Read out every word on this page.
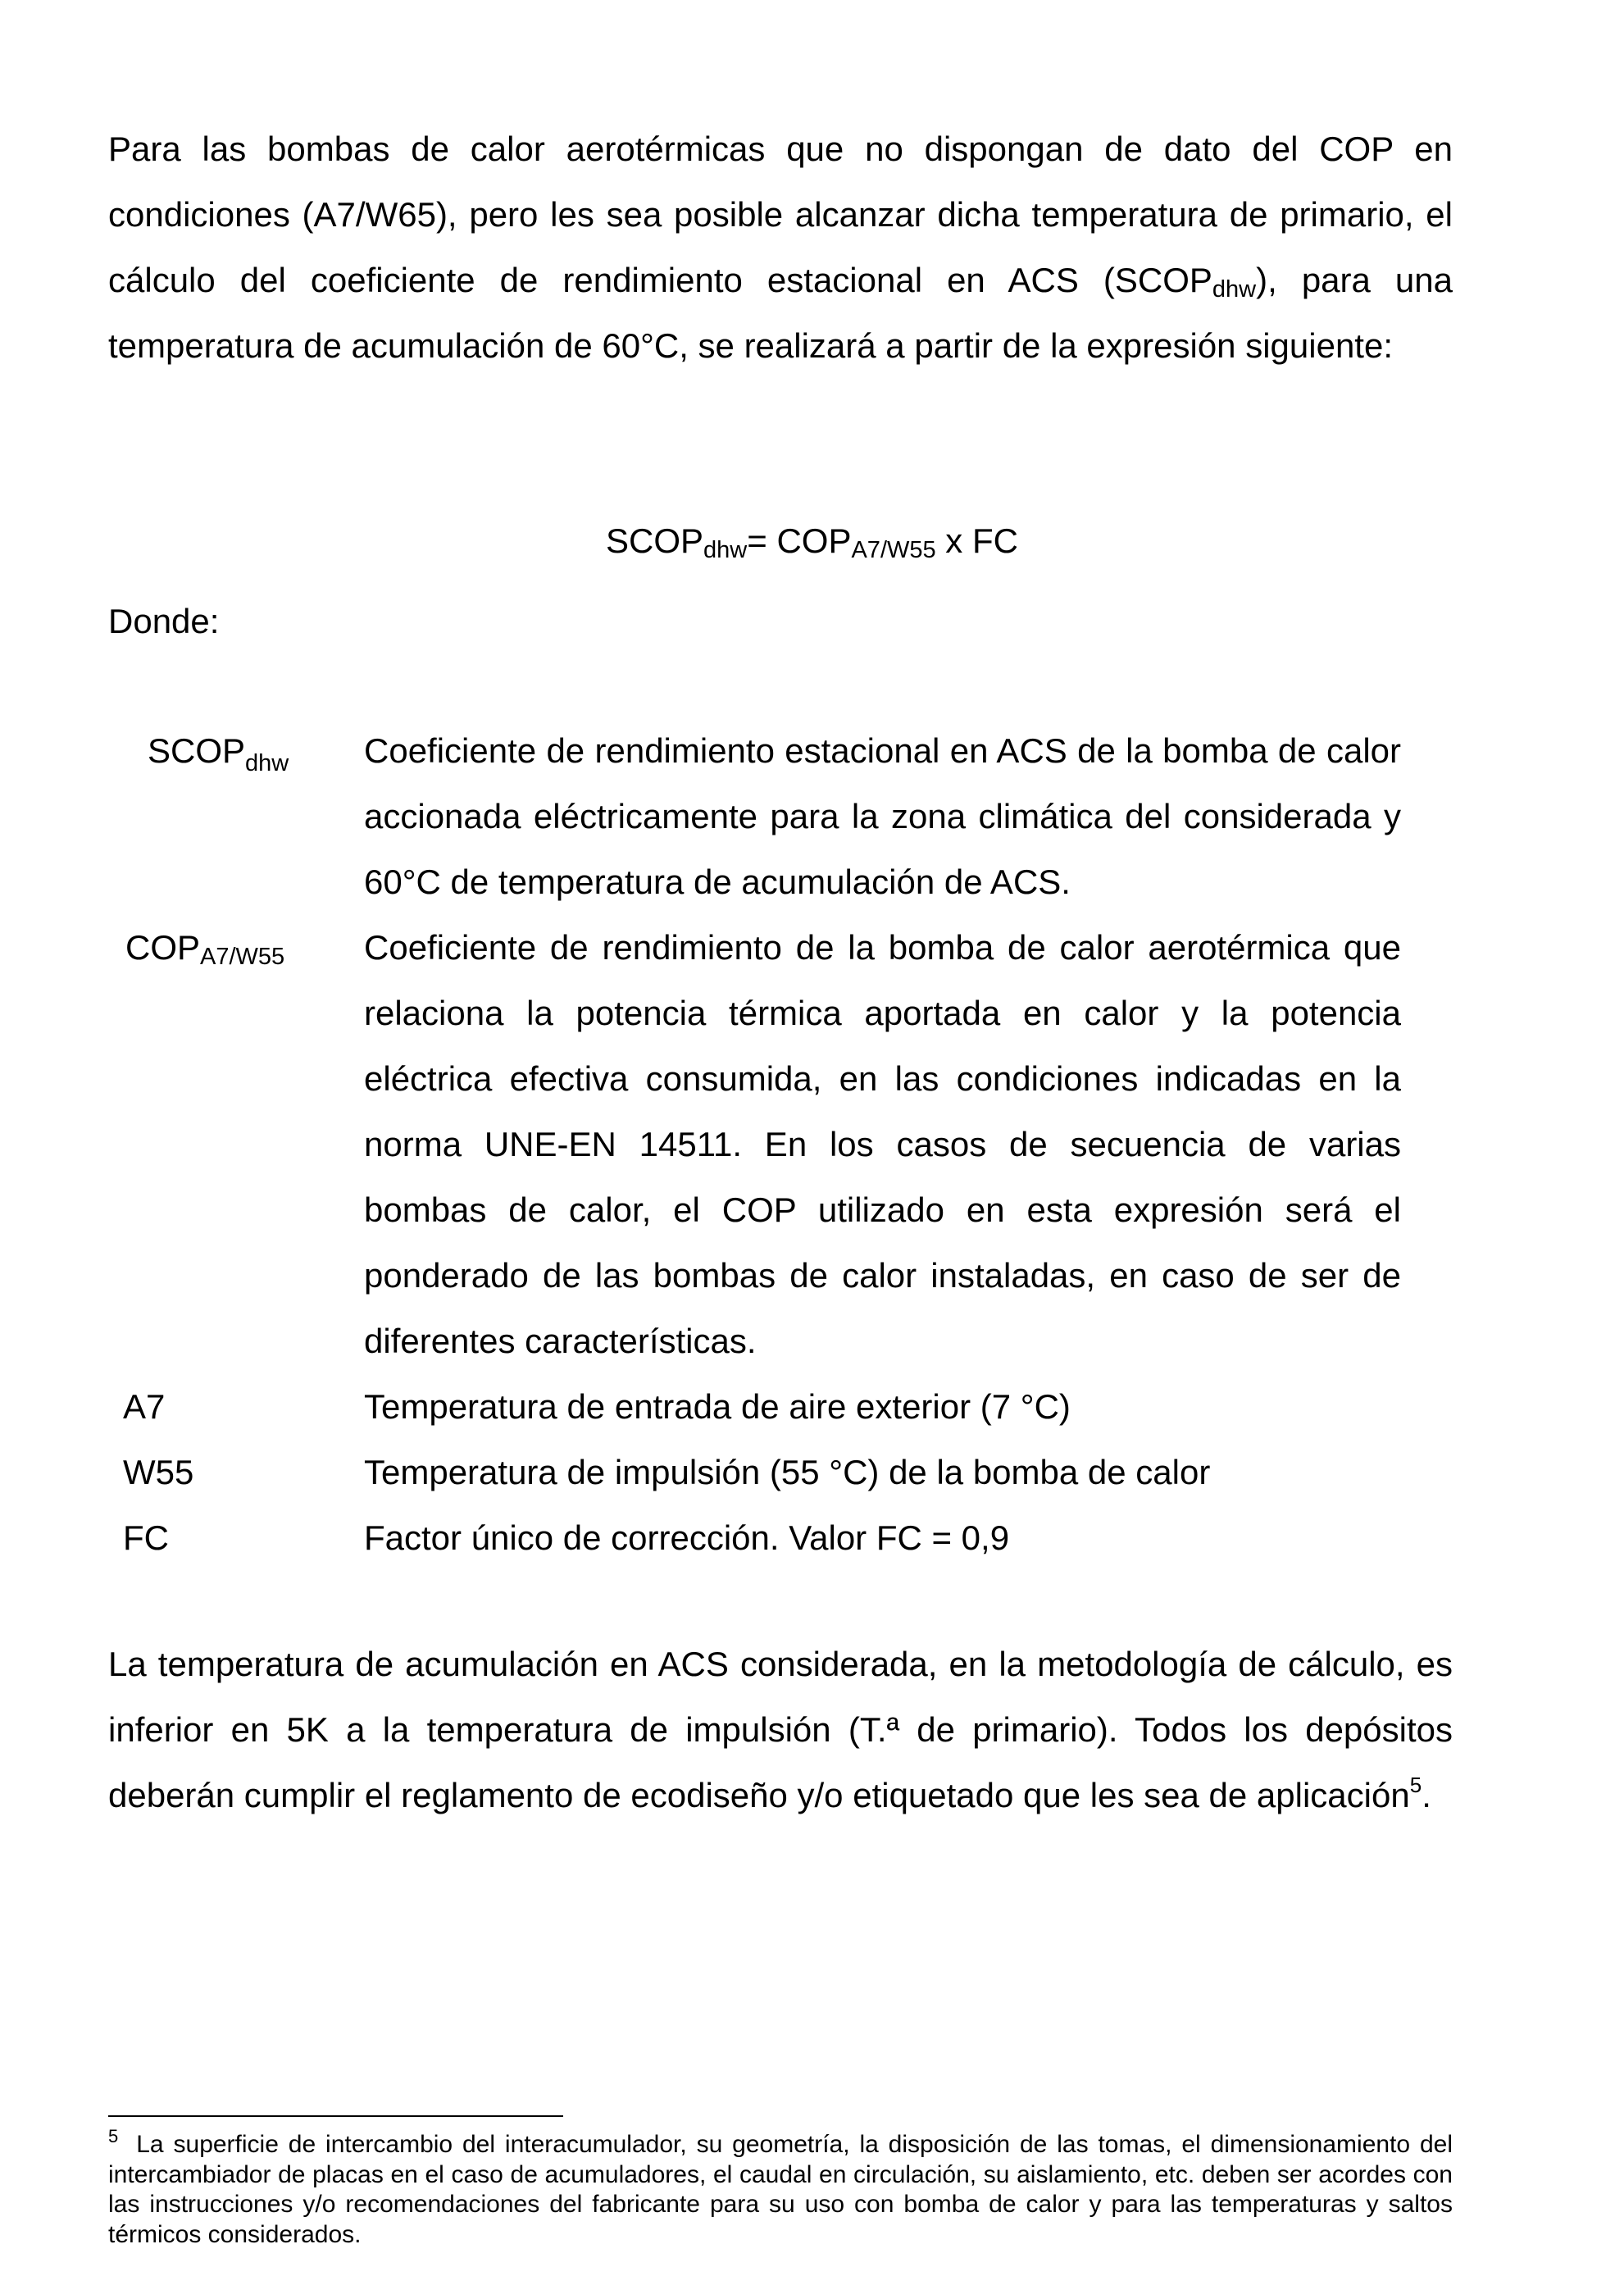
Para las bombas de calor aerotérmicas que no dispongan de dato del COP en condiciones (A7/W65), pero les sea posible alcanzar dicha temperatura de primario, el cálculo del coeficiente de rendimiento estacional en ACS $(SCOP_{dhw})$, para una temperatura de acumulación de 60°C, se realizará a partir de la expresión siguiente:

$SCOP_{dhw}= COP_{A7/W55}$ x FC

Donde:

$SCOP_{dhw}$ Coeficiente de rendimiento estacional en ACS de la bomba de calor accionada eléctricamente para la zona climática del considerada y 60°C de temperatura de acumulación de ACS.
$COP_{A7/W55}$ Coeficiente de rendimiento de la bomba de calor aerotérmica que relaciona la potencia térmica aportada en calor y la potencia eléctrica efectiva consumida, en las condiciones indicadas en la norma UNE-EN 14511. En los casos de secuencia de varias bombas de calor, el COP utilizado en esta expresión será el ponderado de las bombas de calor instaladas, en caso de ser de diferentes características.
A7	Temperatura de entrada de aire exterior (7 °C)
W55	Temperatura de impulsión (55 °C) de la bomba de calor
FC	Factor único de corrección. Valor FC = 0,9

La temperatura de acumulación en ACS considerada, en la metodología de cálculo, es inferior en 5K a la temperatura de impulsión (T.ª de primario). Todos los depósitos deberán cumplir el reglamento de ecodiseño y/o etiquetado que les sea de aplicación$^5$.

$^5$ La superficie de intercambio del interacumulador, su geometría, la disposición de las tomas, el dimensionamiento del intercambiador de placas en el caso de acumuladores, el caudal en circulación, su aislamiento, etc. deben ser acordes con las instrucciones y/o recomendaciones del fabricante para su uso con bomba de calor y para las temperaturas y saltos térmicos considerados.
